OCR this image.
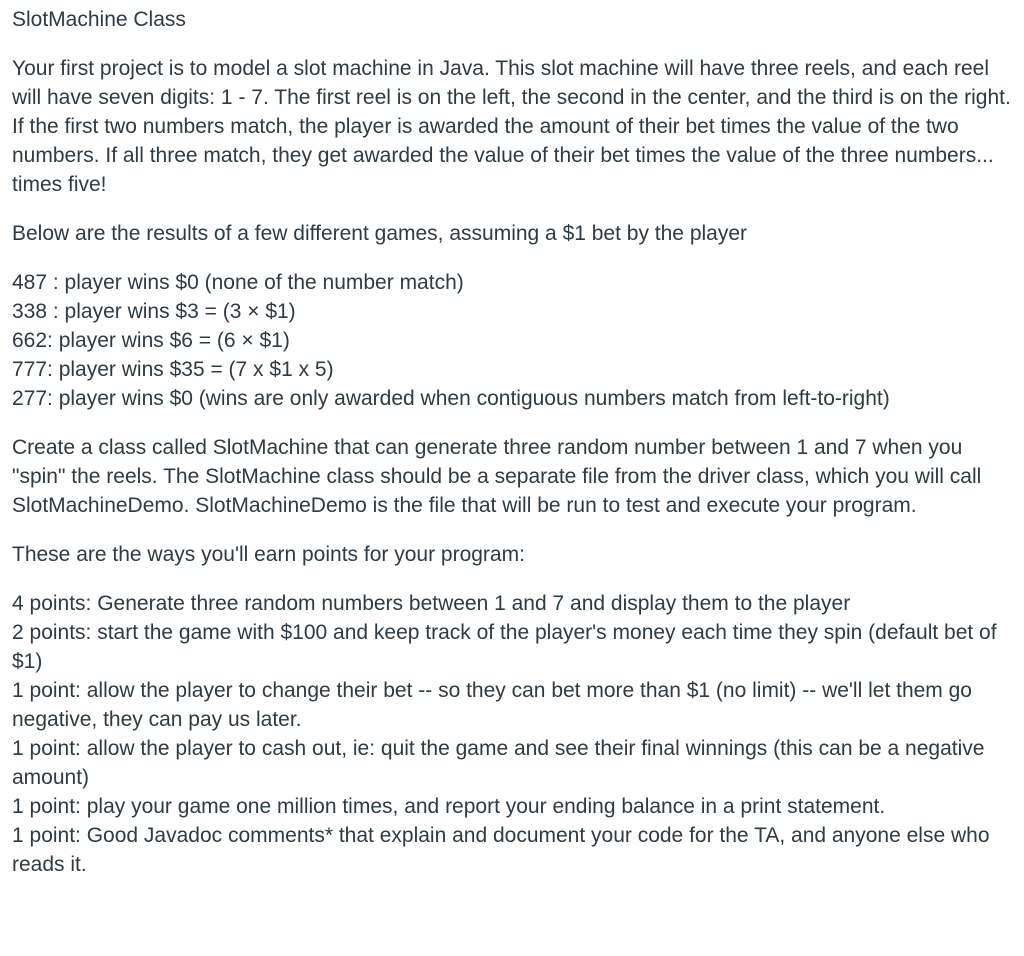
SlotMachine Class

Your first project is to model a slot machine in Java. This slot machine will have three reels, and each reel will have seven digits: 1 - 7. The first reel is on the left, the second in the center, and the third is on the right. If the first two numbers match, the player is awarded the amount of their bet times the value of the two numbers. If all three match, they get awarded the value of their bet times the value of the three numbers... times five!

Below are the results of a few different games, assuming a $1 bet by the player

487 : player wins $0 (none of the number match)
338 : player wins $3 = (3 × $1)
662: player wins $6 = (6 × $1)
777: player wins $35 = (7 x $1 x 5)
277: player wins $0 (wins are only awarded when contiguous numbers match from left-to-right)

Create a class called SlotMachine that can generate three random number between 1 and 7 when you "spin" the reels. The SlotMachine class should be a separate file from the driver class, which you will call SlotMachineDemo. SlotMachineDemo is the file that will be run to test and execute your program.

These are the ways you'll earn points for your program:

4 points: Generate three random numbers between 1 and 7 and display them to the player
2 points: start the game with $100 and keep track of the player's money each time they spin (default bet of $1)
1 point: allow the player to change their bet -- so they can bet more than $1 (no limit) -- we'll let them go negative, they can pay us later.
1 point: allow the player to cash out, ie: quit the game and see their final winnings (this can be a negative amount)
1 point: play your game one million times, and report your ending balance in a print statement.
1 point: Good Javadoc comments* that explain and document your code for the TA, and anyone else who reads it.
